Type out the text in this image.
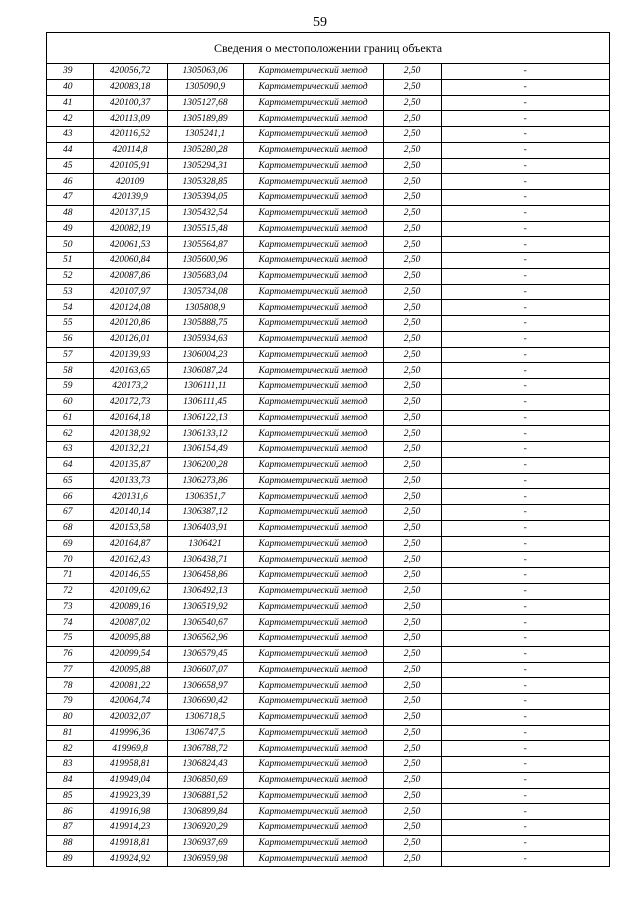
59
Сведения о местоположении границ объекта
39	420056,72	1305063,06	Картометрический метод	2,50	-
40	420083,18	1305090,9	Картометрический метод	2,50	-
41	420100,37	1305127,68	Картометрический метод	2,50	-
42	420113,09	1305189,89	Картометрический метод	2,50	-
43	420116,52	1305241,1	Картометрический метод	2,50	-
44	420114,8	1305280,28	Картометрический метод	2,50	-
45	420105,91	1305294,31	Картометрический метод	2,50	-
46	420109	1305328,85	Картометрический метод	2,50	-
47	420139,9	1305394,05	Картометрический метод	2,50	-
48	420137,15	1305432,54	Картометрический метод	2,50	-
49	420082,19	1305515,48	Картометрический метод	2,50	-
50	420061,53	1305564,87	Картометрический метод	2,50	-
51	420060,84	1305600,96	Картометрический метод	2,50	-
52	420087,86	1305683,04	Картометрический метод	2,50	-
53	420107,97	1305734,08	Картометрический метод	2,50	-
54	420124,08	1305808,9	Картометрический метод	2,50	-
55	420120,86	1305888,75	Картометрический метод	2,50	-
56	420126,01	1305934,63	Картометрический метод	2,50	-
57	420139,93	1306004,23	Картометрический метод	2,50	-
58	420163,65	1306087,24	Картометрический метод	2,50	-
59	420173,2	1306111,11	Картометрический метод	2,50	-
60	420172,73	1306111,45	Картометрический метод	2,50	-
61	420164,18	1306122,13	Картометрический метод	2,50	-
62	420138,92	1306133,12	Картометрический метод	2,50	-
63	420132,21	1306154,49	Картометрический метод	2,50	-
64	420135,87	1306200,28	Картометрический метод	2,50	-
65	420133,73	1306273,86	Картометрический метод	2,50	-
66	420131,6	1306351,7	Картометрический метод	2,50	-
67	420140,14	1306387,12	Картометрический метод	2,50	-
68	420153,58	1306403,91	Картометрический метод	2,50	-
69	420164,87	1306421	Картометрический метод	2,50	-
70	420162,43	1306438,71	Картометрический метод	2,50	-
71	420146,55	1306458,86	Картометрический метод	2,50	-
72	420109,62	1306492,13	Картометрический метод	2,50	-
73	420089,16	1306519,92	Картометрический метод	2,50	-
74	420087,02	1306540,67	Картометрический метод	2,50	-
75	420095,88	1306562,96	Картометрический метод	2,50	-
76	420099,54	1306579,45	Картометрический метод	2,50	-
77	420095,88	1306607,07	Картометрический метод	2,50	-
78	420081,22	1306658,97	Картометрический метод	2,50	-
79	420064,74	1306690,42	Картометрический метод	2,50	-
80	420032,07	1306718,5	Картометрический метод	2,50	-
81	419996,36	1306747,5	Картометрический метод	2,50	-
82	419969,8	1306788,72	Картометрический метод	2,50	-
83	419958,81	1306824,43	Картометрический метод	2,50	-
84	419949,04	1306850,69	Картометрический метод	2,50	-
85	419923,39	1306881,52	Картометрический метод	2,50	-
86	419916,98	1306899,84	Картометрический метод	2,50	-
87	419914,23	1306920,29	Картометрический метод	2,50	-
88	419918,81	1306937,69	Картометрический метод	2,50	-
89	419924,92	1306959,98	Картометрический метод	2,50	-
